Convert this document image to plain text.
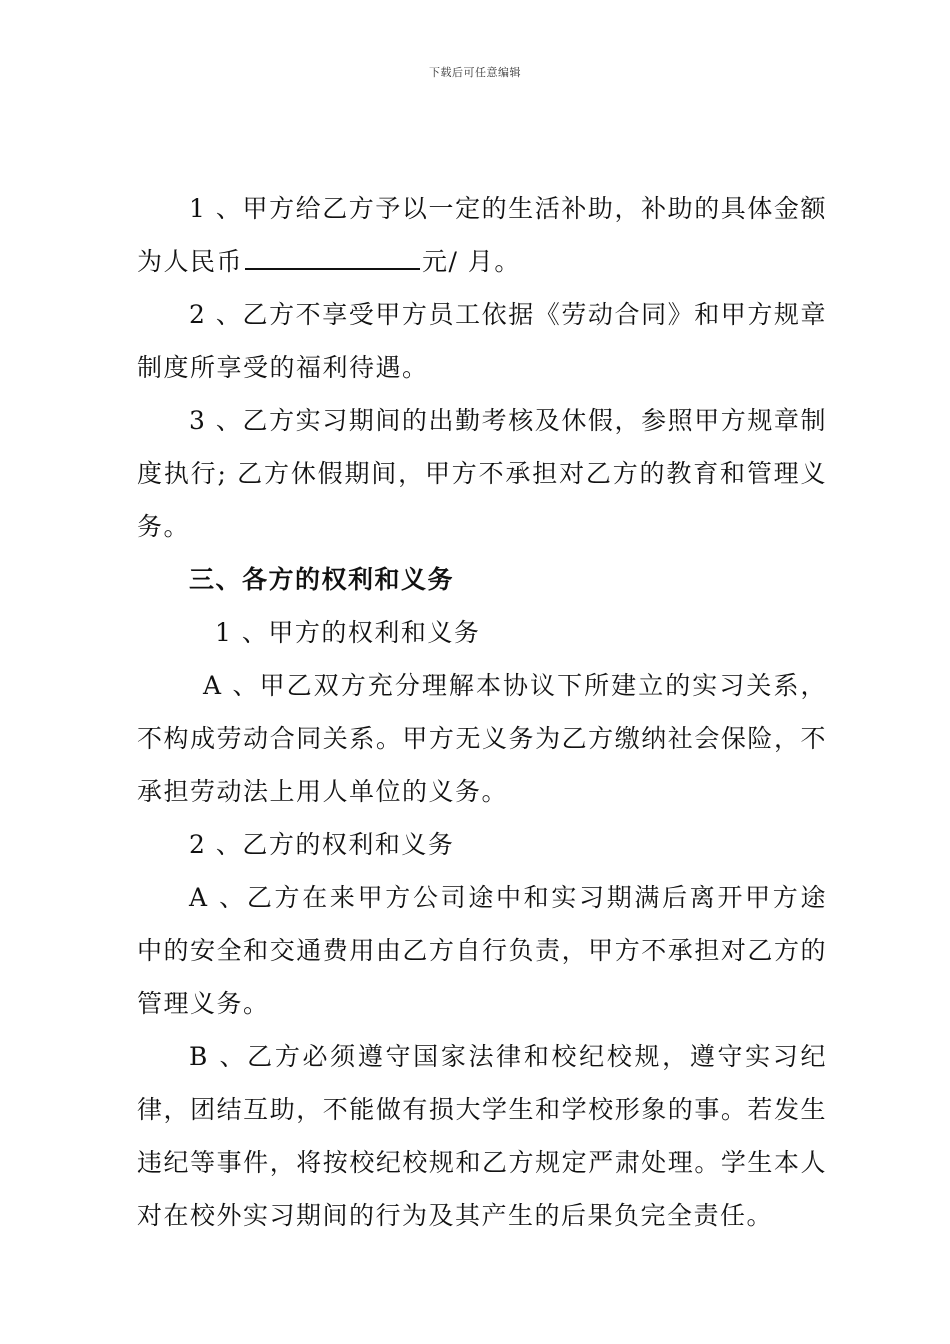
下载后可任意编辑

1 、甲方给乙方予以一定的生活补助，补助的具体金额为人民币	元/ 月。

2 、乙方不享受甲方员工依据《劳动合同》和甲方规章制度所享受的福利待遇。

3 、乙方实习期间的出勤考核及休假，参照甲方规章制度执行; 乙方休假期间，甲方不承担对乙方的教育和管理义务。

三、各方的权利和义务

1 、甲方的权利和义务

A 、甲乙双方充分理解本协议下所建立的实习关系，不构成劳动合同关系。甲方无义务为乙方缴纳社会保险，不承担劳动法上用人单位的义务。

2 、乙方的权利和义务

A 、乙方在来甲方公司途中和实习期满后离开甲方途中的安全和交通费用由乙方自行负责，甲方不承担对乙方的管理义务。

B 、乙方必须遵守国家法律和校纪校规，遵守实习纪律，团结互助，不能做有损大学生和学校形象的事。若发生违纪等事件，将按校纪校规和乙方规定严肃处理。学生本人对在校外实习期间的行为及其产生的后果负完全责任。
